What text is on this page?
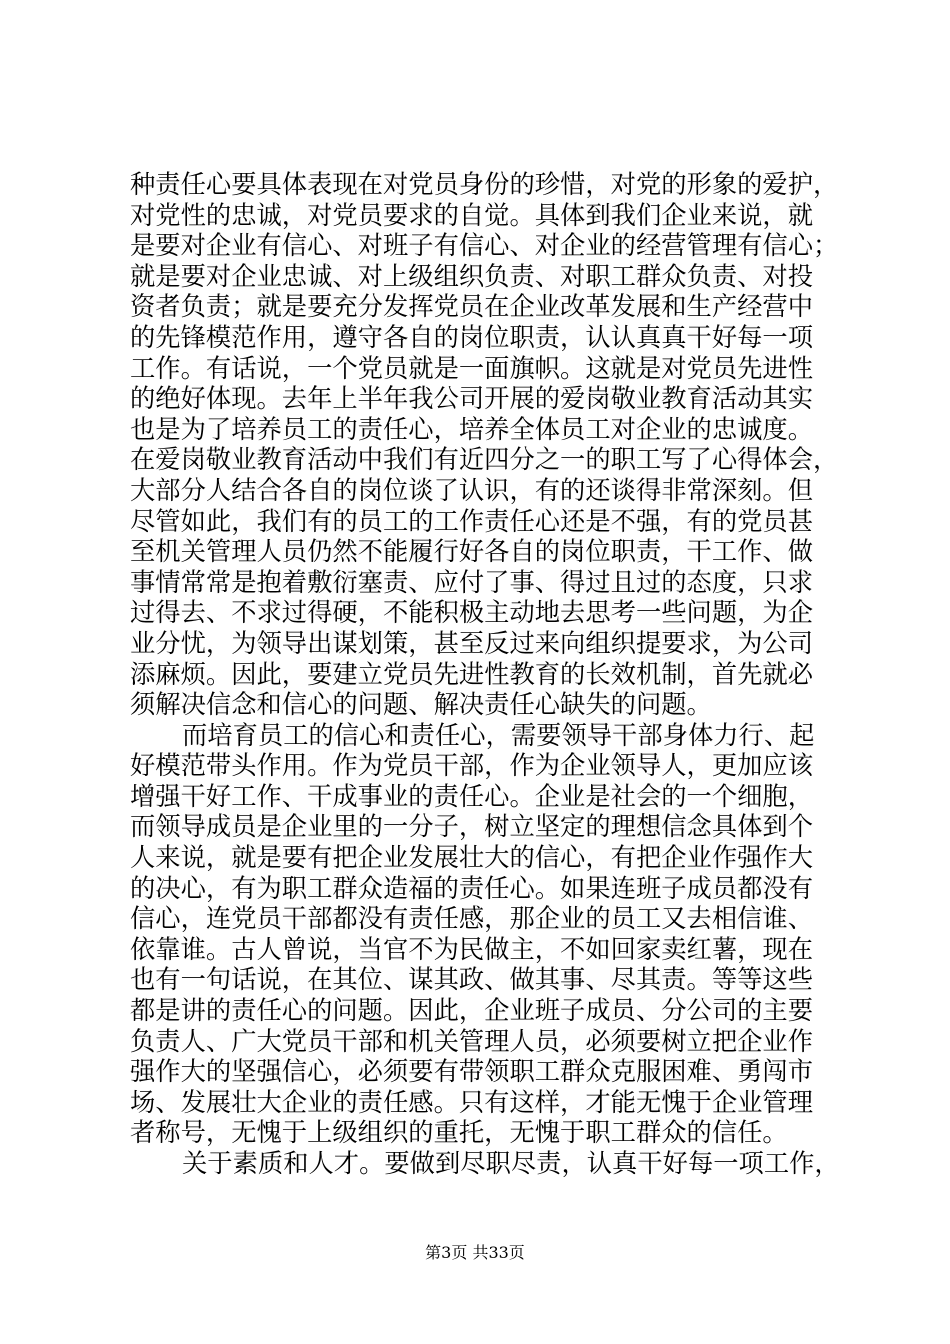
种责任心要具体表现在对党员身份的珍惜，对党的形象的爱护，
对党性的忠诚，对党员要求的自觉。具体到我们企业来说，就
是要对企业有信心、对班子有信心、对企业的经营管理有信心；
就是要对企业忠诚、对上级组织负责、对职工群众负责、对投
资者负责；就是要充分发挥党员在企业改革发展和生产经营中
的先锋模范作用，遵守各自的岗位职责，认认真真干好每一项
工作。有话说，一个党员就是一面旗帜。这就是对党员先进性
的绝好体现。去年上半年我公司开展的爱岗敬业教育活动其实
也是为了培养员工的责任心，培养全体员工对企业的忠诚度。
在爱岗敬业教育活动中我们有近四分之一的职工写了心得体会，
大部分人结合各自的岗位谈了认识，有的还谈得非常深刻。但
尽管如此，我们有的员工的工作责任心还是不强，有的党员甚
至机关管理人员仍然不能履行好各自的岗位职责，干工作、做
事情常常是抱着敷衍塞责、应付了事、得过且过的态度，只求
过得去、不求过得硬，不能积极主动地去思考一些问题，为企
业分忧，为领导出谋划策，甚至反过来向组织提要求，为公司
添麻烦。因此，要建立党员先进性教育的长效机制，首先就必
须解决信念和信心的问题、解决责任心缺失的问题。
而培育员工的信心和责任心，需要领导干部身体力行、起
好模范带头作用。作为党员干部，作为企业领导人，更加应该
增强干好工作、干成事业的责任心。企业是社会的一个细胞，
而领导成员是企业里的一分子，树立坚定的理想信念具体到个
人来说，就是要有把企业发展壮大的信心，有把企业作强作大
的决心，有为职工群众造福的责任心。如果连班子成员都没有
信心，连党员干部都没有责任感，那企业的员工又去相信谁、
依靠谁。古人曾说，当官不为民做主，不如回家卖红薯，现在
也有一句话说，在其位、谋其政、做其事、尽其责。等等这些
都是讲的责任心的问题。因此，企业班子成员、分公司的主要
负责人、广大党员干部和机关管理人员，必须要树立把企业作
强作大的坚强信心，必须要有带领职工群众克服困难、勇闯市
场、发展壮大企业的责任感。只有这样，才能无愧于企业管理
者称号，无愧于上级组织的重托，无愧于职工群众的信任。
关于素质和人才。要做到尽职尽责，认真干好每一项工作，
第3页 共33页
